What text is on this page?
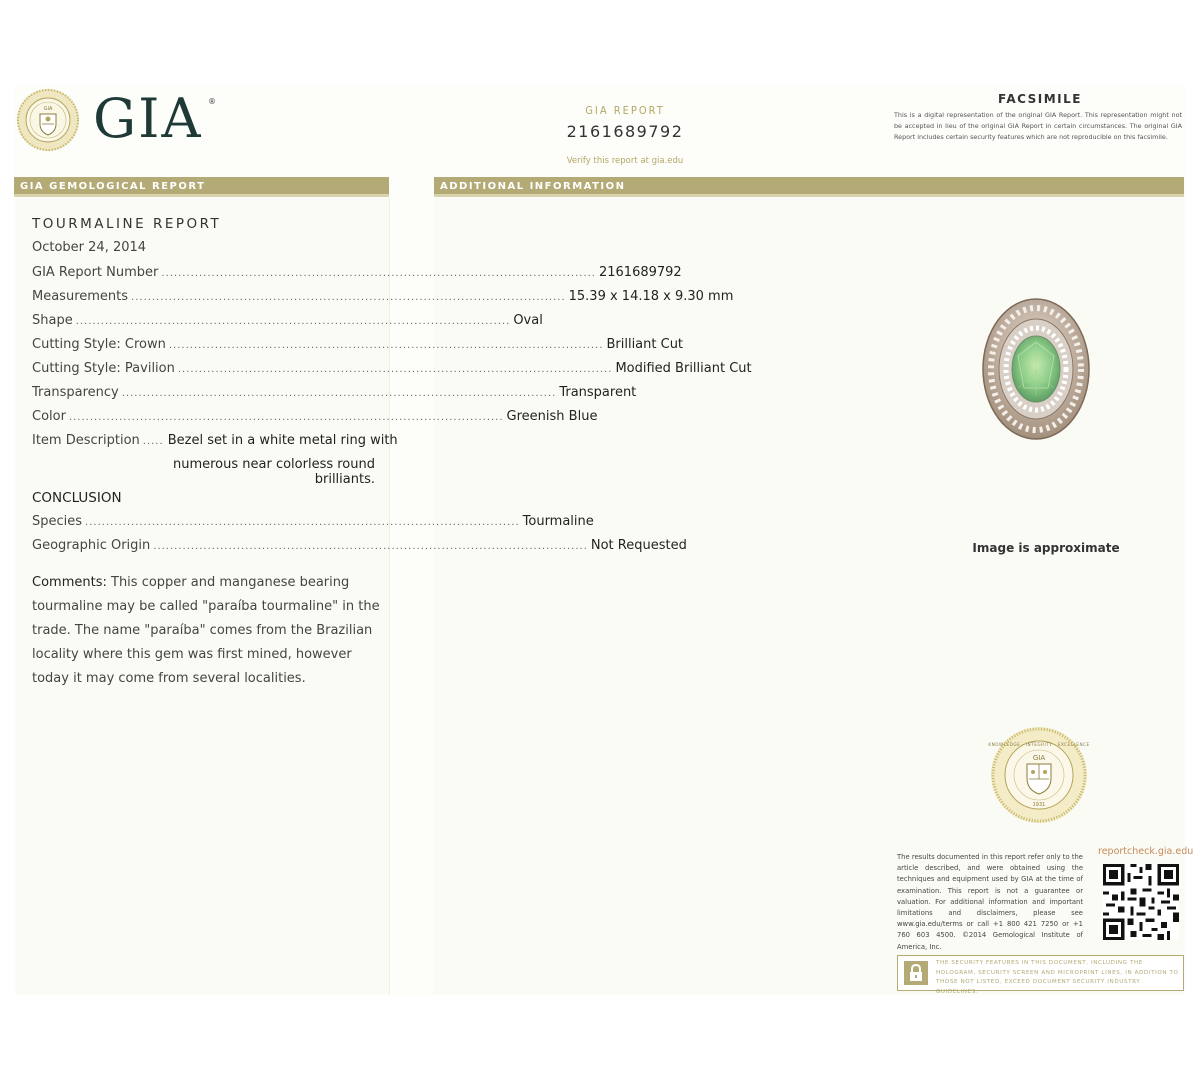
GIA GIA ®
GIA REPORT
2161689792
Verify this report at gia.edu
FACSIMILE
This is a digital representation of the original GIA Report. This representation might not be accepted in lieu of the original GIA Report in certain circumstances. The original GIA Report includes certain security features which are not reproducible on this facsimile.
GIA GEMOLOGICAL REPORT	ADDITIONAL INFORMATION
TOURMALINE REPORT
October 24, 2014
GIA Report Number ........................................................................................................ 2161689792
Measurements ........................................................................................................ 15.39 x 14.18 x 9.30 mm
Shape ........................................................................................................ Oval
Cutting Style: Crown ........................................................................................................ Brilliant Cut
Cutting Style: Pavilion ........................................................................................................ Modified Brilliant Cut
Transparency ........................................................................................................ Transparent
Color ........................................................................................................ Greenish Blue
Item Description ..... Bezel set in a white metal ring with
numerous near colorless round brilliants.
CONCLUSION
Species ........................................................................................................ Tourmaline
Geographic Origin ........................................................................................................ Not Requested
Comments: This copper and manganese bearing tourmaline may be called "paraíba tourmaline" in the trade. The name "paraíba" comes from the Brazilian locality where this gem was first mined, however today it may come from several localities.
Image is approximate
GIA
KNOWLEDGE · INTEGRITY · EXCELLENCE
1931
The results documented in this report refer only to the article described, and were obtained using the techniques and equipment used by GIA at the time of examination. This report is not a guarantee or valuation. For additional information and important limitations and disclaimers, please see www.gia.edu/terms or call +1 800 421 7250 or +1 760 603 4500. ©2014 Gemological Institute of America, Inc.
reportcheck.gia.edu
THE SECURITY FEATURES IN THIS DOCUMENT, INCLUDING THE HOLOGRAM, SECURITY SCREEN AND MICROPRINT LINES, IN ADDITION TO THOSE NOT LISTED, EXCEED DOCUMENT SECURITY INDUSTRY GUIDELINES.
